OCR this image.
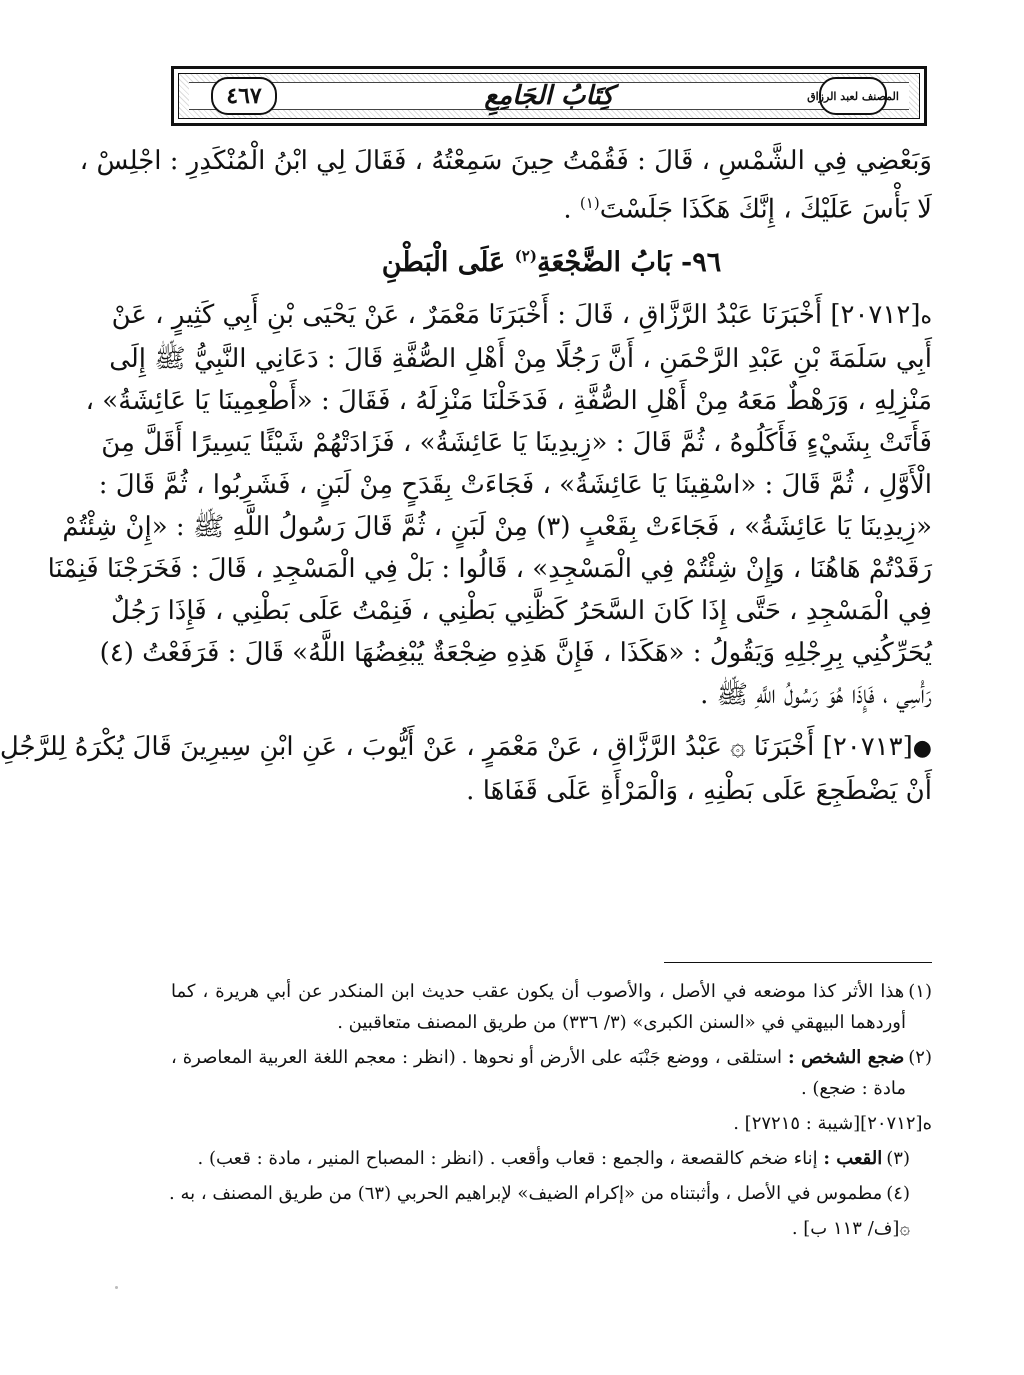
٤٦٧	كِتَابُ الجَامِعِ	المصنف لعبد الرزاق

وَبَعْضِي فِي الشَّمْسِ ، قَالَ : فَقُمْتُ حِينَ سَمِعْتُهُ ، فَقَالَ لِي ابْنُ الْمُنْكَدِرِ : اجْلِسْ ،
لَا بَأْسَ عَلَيْكَ ، إِنَّكَ هَكَذَا جَلَسْتَ$^{(١)}$ .

٩٦- بَابُ الضَّجْعَةِ$^{(٢)}$ عَلَى الْبَطْنِ

ه[٢٠٧١٢] أَخْبَرَنَا عَبْدُ الرَّزَّاقِ ، قَالَ : أَخْبَرَنَا مَعْمَرٌ ، عَنْ يَحْيَى بْنِ أَبِي كَثِيرٍ ، عَنْ
أَبِي سَلَمَةَ بْنِ عَبْدِ الرَّحْمَنِ ، أَنَّ رَجُلًا مِنْ أَهْلِ الصُّفَّةِ قَالَ : دَعَانِي النَّبِيُّ ﷺ إِلَى
مَنْزِلِهِ ، وَرَهْطٌ مَعَهُ مِنْ أَهْلِ الصُّفَّةِ ، فَدَخَلْنَا مَنْزِلَهُ ، فَقَالَ : «أَطْعِمِينَا يَا عَائِشَةُ» ،
فَأَتَتْ بِشَيْءٍ فَأَكَلُوهُ ، ثُمَّ قَالَ : «زِيدِينَا يَا عَائِشَةُ» ، فَزَادَتْهُمْ شَيْئًا يَسِيرًا أَقَلَّ مِنَ
الْأَوَّلِ ، ثُمَّ قَالَ : «اسْقِينَا يَا عَائِشَةُ» ، فَجَاءَتْ بِقَدَحٍ مِنْ لَبَنٍ ، فَشَرِبُوا ، ثُمَّ قَالَ :
«زِيدِينَا يَا عَائِشَةُ» ، فَجَاءَتْ بِقَعْبٍ (٣) مِنْ لَبَنٍ ، ثُمَّ قَالَ رَسُولُ اللَّهِ ﷺ : «إِنْ شِئْتُمْ
رَقَدْتُمْ هَاهُنَا ، وَإِنْ شِئْتُمْ فِي الْمَسْجِدِ» ، قَالُوا : بَلْ فِي الْمَسْجِدِ ، قَالَ : فَخَرَجْنَا فَنِمْنَا
فِي الْمَسْجِدِ ، حَتَّى إِذَا كَانَ السَّحَرُ كَظَّنِي بَطْنِي ، فَنِمْتُ عَلَى بَطْنِي ، فَإِذَا رَجُلٌ
يُحَرِّكُنِي بِرِجْلِهِ وَيَقُولُ : «هَكَذَا ، فَإِنَّ هَذِهِ ضِجْعَةٌ يُبْغِضُهَا اللَّهُ» قَالَ : فَرَفَعْتُ (٤)
رَأْسِي ، فَإِذَا هُوَ رَسُولُ اللَّهِ ﷺ .

●[٢٠٧١٣] أَخْبَرَنَا ۞ عَبْدُ الرَّزَّاقِ ، عَنْ مَعْمَرٍ ، عَنْ أَيُّوبَ ، عَنِ ابْنِ سِيرِينَ قَالَ يُكْرَهُ لِلرَّجُلِ
أَنْ يَضْطَجِعَ عَلَى بَطْنِهِ ، وَالْمَرْأَةِ عَلَى قَفَاهَا .

(١)هذا الأثر كذا موضعه في الأصل ، والأصوب أن يكون عقب حديث ابن المنكدر عن أبي هريرة ، كما
أوردهما البيهقي في «السنن الكبرى» (٣/ ٣٣٦) من طريق المصنف متعاقبين .
(٢)ضجع الشخص : استلقى ، ووضع جَنْبَه على الأرض أو نحوها . (انظر : معجم اللغة العربية المعاصرة ،
مادة : ضجع) .
ه[٢٠٧١٢][شيبة : ٢٧٢١٥] .
(٣)القعب : إناء ضخم كالقصعة ، والجمع : قعاب وأقعب . (انظر : المصباح المنير ، مادة : قعب) .
(٤)مطموس في الأصل ، وأثبتناه من «إكرام الضيف» لإبراهيم الحربي (٦٣) من طريق المصنف ، به .
۞[ف/ ١١٣ ب] .
